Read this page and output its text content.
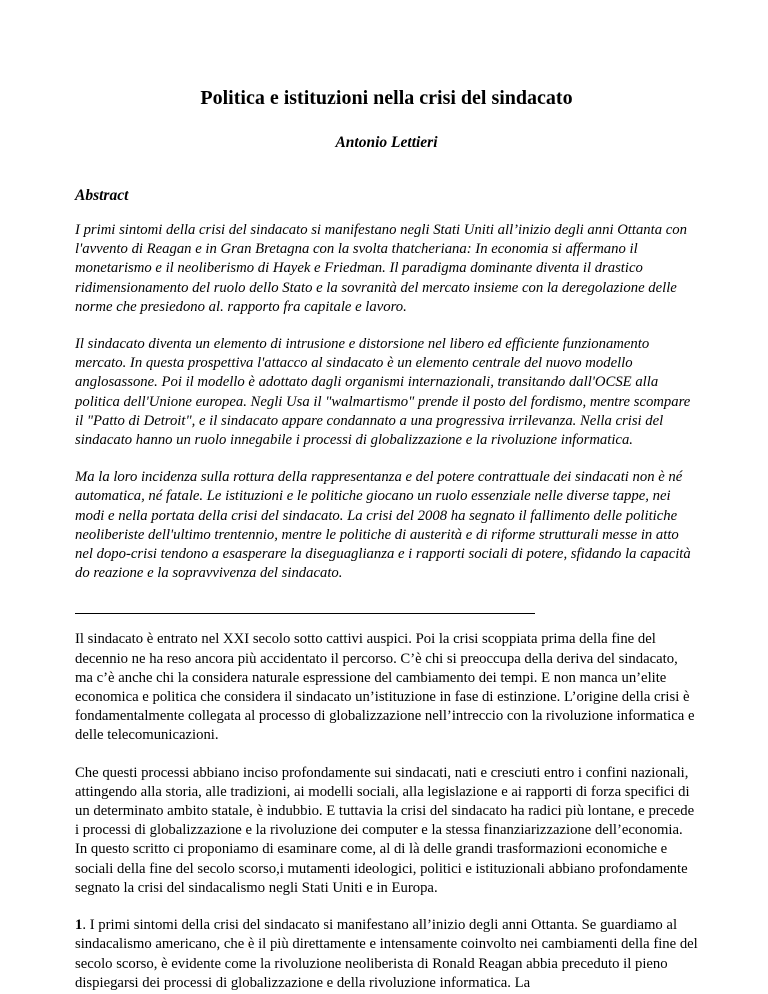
Politica e istituzioni nella crisi del sindacato

Antonio Lettieri

Abstract

I primi sintomi della crisi del sindacato si manifestano negli Stati Uniti all’inizio degli anni Ottanta con l'avvento di Reagan e in Gran Bretagna con la svolta thatcheriana: In economia si affermano il monetarismo e il neoliberismo di Hayek e Friedman. Il paradigma dominante diventa il drastico ridimensionamento del ruolo dello Stato e la sovranità del mercato insieme con la deregolazione delle norme che presiedono al. rapporto fra capitale e lavoro.

Il sindacato diventa un elemento di intrusione e distorsione nel libero ed efficiente funzionamento mercato. In questa prospettiva l'attacco al sindacato è un elemento centrale del nuovo modello anglosassone. Poi il modello è adottato dagli organismi internazionali, transitando dall'OCSE alla politica dell'Unione europea. Negli Usa il "walmartismo" prende il posto del fordismo, mentre scompare il "Patto di Detroit", e il sindacato appare condannato a una progressiva irrilevanza. Nella crisi del sindacato hanno un ruolo innegabile i processi di globalizzazione e la rivoluzione informatica.

Ma la loro incidenza sulla rottura della rappresentanza e del potere contrattuale dei sindacati non è né automatica, né fatale. Le istituzioni e le politiche giocano un ruolo essenziale nelle diverse tappe, nei modi e nella portata della crisi del sindacato. La crisi del 2008 ha segnato il fallimento delle politiche neoliberiste dell'ultimo trentennio, mentre le politiche di austerità e di riforme strutturali messe in atto nel dopo-crisi tendono a esasperare la diseguaglianza e i rapporti sociali di potere, sfidando la capacità do reazione e la sopravvivenza del sindacato.

Il sindacato è entrato nel XXI secolo sotto cattivi auspici. Poi la crisi scoppiata prima della fine del decennio ne ha reso ancora più accidentato il percorso. C’è chi si preoccupa della deriva del sindacato, ma c’è anche chi la considera naturale espressione del cambiamento dei tempi. E non manca un’elite economica e politica che considera il sindacato un’istituzione in fase di estinzione. L’origine della crisi è fondamentalmente collegata al processo di globalizzazione nell’intreccio con la rivoluzione informatica e delle telecomunicazioni.

Che questi processi abbiano inciso profondamente sui sindacati, nati e cresciuti entro i confini nazionali, attingendo alla storia, alle tradizioni, ai modelli sociali, alla legislazione e ai rapporti di forza specifici di un determinato ambito statale, è indubbio. E tuttavia la crisi del sindacato ha radici più lontane, e precede i processi di globalizzazione e la rivoluzione dei computer e la stessa finanziarizzazione dell’economia. In questo scritto ci proponiamo di esaminare come, al di là delle grandi trasformazioni economiche e sociali della fine del secolo scorso,i mutamenti ideologici, politici e istituzionali abbiano profondamente segnato la crisi del sindacalismo negli Stati Uniti e in Europa.

1. I primi sintomi della crisi del sindacato si manifestano all’inizio degli anni Ottanta. Se guardiamo al sindacalismo americano, che è il più direttamente e intensamente coinvolto nei cambiamenti della fine del secolo scorso, è evidente come la rivoluzione neoliberista di Ronald Reagan abbia preceduto il pieno dispiegarsi dei processi di globalizzazione e della rivoluzione informatica. La
